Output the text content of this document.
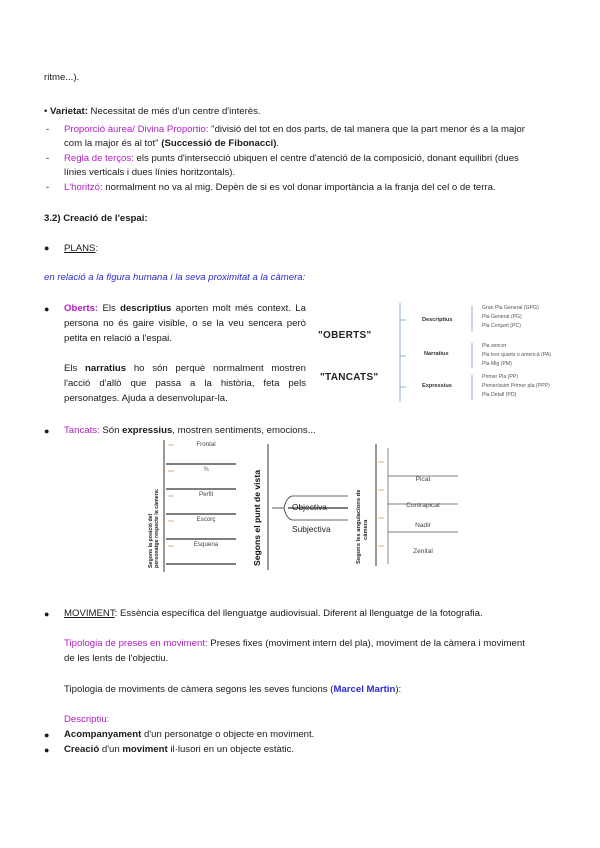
ritme...).
• Varietat: Necessitat de més d'un centre d'interès.
- Proporció àurea/ Divina Proportio: "divisió del tot en dos parts, de tal manera que la part menor és a la major
com la major és al tot" (Successió de Fibonacci).
- Regla de terços: els punts d'intersecció ubiquen el centre d'atenció de la composició, donant equilibri (dues
línies verticals i dues línies horitzontals).
- L'horitzó: normalment no va al mig. Depèn de si es vol donar importància a la franja del cel o de terra.
3.2) Creació de l'espai:
● PLANS:
en relació a la figura humana i la seva proximitat a la càmera:
● Oberts: Els descriptius aporten molt més context. La
persona no és gaire visible, o se la veu sencera però
petita en relació a l'espai.
Els narratius ho són perquè normalment mostren
l'acció d'allò que passa a la història, feta pels
personatges. Ajuda a desenvolupar-la.
"OBERTS"
"TANCATS"
Descriptius
Gran Pla General (GPG)
Pla General (PG)
Pla Conjunt (PC)
Narratius
Pla sencer
Pla tres quarts o americà (PA)
Pla Mig (PM)
Expressius
Primer Pla (PP)
Primeríssim Primer pla (PPP)
Pla Detall (PD)
● Tancats: Són expressius, mostren sentiments, emocions...
Segons la posició del personatge respecte la càmera:
Frontal
¾
Perfil
Escorç
Esquena	Segons el punt de vista	Objectiva
Subjectiva	Segons les angulacions de càmera
Picat
Contrapicat
Nadir
Zenital
● MOVIMENT: Essència específica del llenguatge audiovisual. Diferent al llenguatge de la fotografia.
Tipologia de preses en moviment: Preses fixes (moviment intern del pla), moviment de la càmera i moviment
de les lents de l'objectiu.
Tipologia de moviments de càmera segons les seves funcions (Marcel Martin):
Descriptiu:
● Acompanyament d'un personatge o objecte en moviment.
● Creació d'un moviment il·lusori en un objecte estàtic.
